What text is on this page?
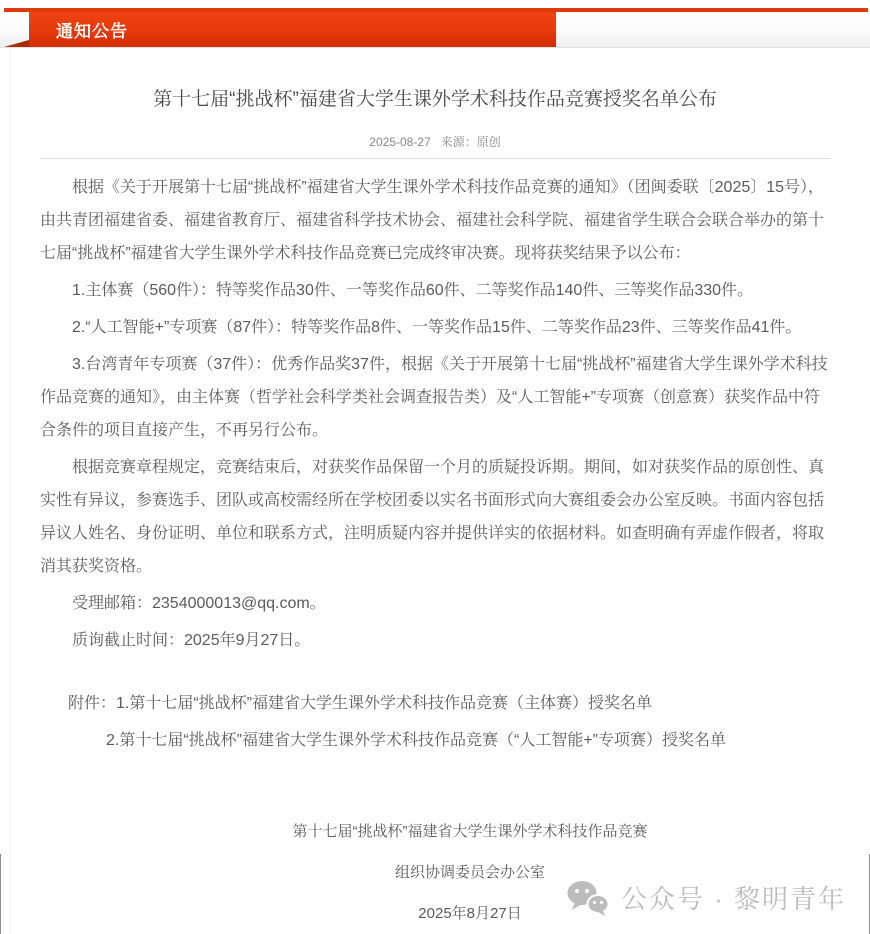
通知公告
第十七届“挑战杯”福建省大学生课外学术科技作品竞赛授奖名单公布
2025-08-27 来源：原创

根据《关于开展第十七届“挑战杯”福建省大学生课外学术科技作品竞赛的通知》（团闽委联〔2025〕15号），由共青团福建省委、福建省教育厅、福建省科学技术协会、福建社会科学院、福建省学生联合会联合举办的第十七届“挑战杯”福建省大学生课外学术科技作品竞赛已完成终审决赛。现将获奖结果予以公布：

1.主体赛（560件）：特等奖作品30件、一等奖作品60件、二等奖作品140件、三等奖作品330件。

2.“人工智能+”专项赛（87件）：特等奖作品8件、一等奖作品15件、二等奖作品23件、三等奖作品41件。

3.台湾青年专项赛（37件）：优秀作品奖37件，根据《关于开展第十七届“挑战杯”福建省大学生课外学术科技作品竞赛的通知》，由主体赛（哲学社会科学类社会调查报告类）及“人工智能+”专项赛（创意赛）获奖作品中符合条件的项目直接产生，不再另行公布。

根据竞赛章程规定，竞赛结束后，对获奖作品保留一个月的质疑投诉期。期间，如对获奖作品的原创性、真实性有异议，参赛选手、团队或高校需经所在学校团委以实名书面形式向大赛组委会办公室反映。书面内容包括异议人姓名、身份证明、单位和联系方式，注明质疑内容并提供详实的依据材料。如查明确有弄虚作假者，将取消其获奖资格。

受理邮箱：2354000013@qq.com。

质询截止时间：2025年9月27日。

附件：1.第十七届“挑战杯”福建省大学生课外学术科技作品竞赛（主体赛）授奖名单

2.第十七届“挑战杯”福建省大学生课外学术科技作品竞赛（“人工智能+”专项赛）授奖名单

第十七届“挑战杯”福建省大学生课外学术科技作品竞赛
组织协调委员会办公室
2025年8月27日	公众号 · 黎明青年
